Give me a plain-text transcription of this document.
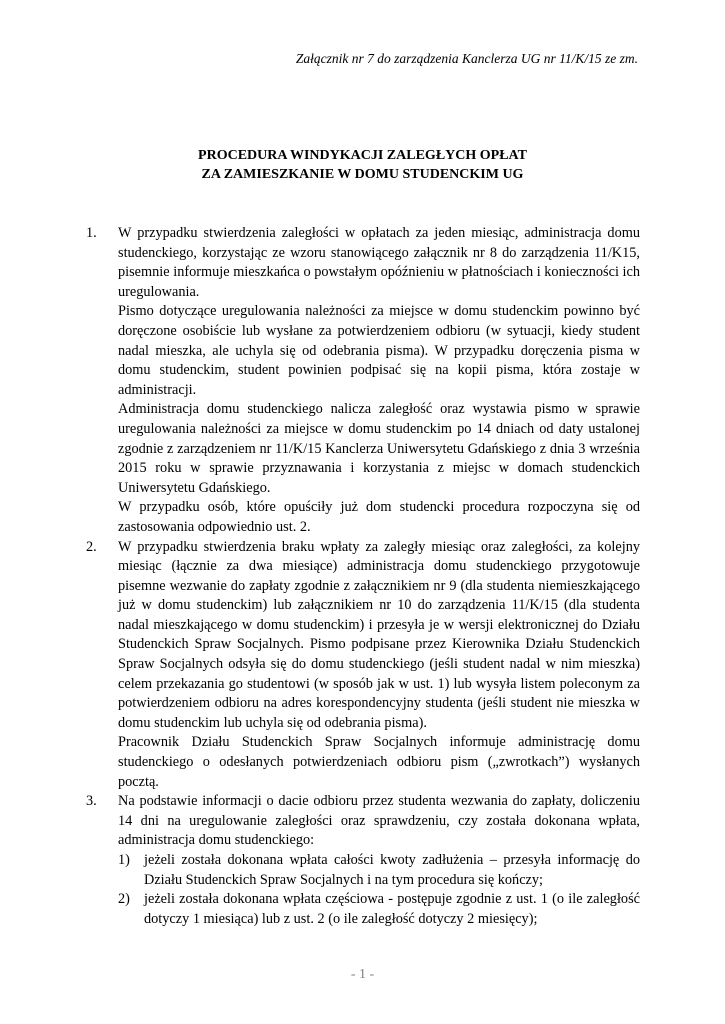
Załącznik nr 7 do zarządzenia Kanclerza UG nr 11/K/15 ze zm.
PROCEDURA WINDYKACJI ZALEGŁYCH OPŁAT
ZA ZAMIESZKANIE W DOMU STUDENCKIM UG
1. W przypadku stwierdzenia zaległości w opłatach za jeden miesiąc, administracja domu studenckiego, korzystając ze wzoru stanowiącego załącznik nr 8 do zarządzenia 11/K15, pisemnie informuje mieszkańca o powstałym opóźnieniu w płatnościach i konieczności ich uregulowania.

Pismo dotyczące uregulowania należności za miejsce w domu studenckim powinno być doręczone osobiście lub wysłane za potwierdzeniem odbioru (w sytuacji, kiedy student nadal mieszka, ale uchyla się od odebrania pisma). W przypadku doręczenia pisma w domu studenckim, student powinien podpisać się na kopii pisma, która zostaje w administracji.

Administracja domu studenckiego nalicza zaległość oraz wystawia pismo w sprawie uregulowania należności za miejsce w domu studenckim po 14 dniach od daty ustalonej zgodnie z zarządzeniem nr 11/K/15 Kanclerza Uniwersytetu Gdańskiego z dnia 3 września 2015 roku w sprawie przyznawania i korzystania z miejsc w domach studenckich Uniwersytetu Gdańskiego.

W przypadku osób, które opuściły już dom studencki procedura rozpoczyna się od zastosowania odpowiednio ust. 2.

2. W przypadku stwierdzenia braku wpłaty za zaległy miesiąc oraz zaległości, za kolejny miesiąc (łącznie za dwa miesiące) administracja domu studenckiego przygotowuje pisemne wezwanie do zapłaty zgodnie z załącznikiem nr 9 (dla studenta niemieszkającego już w domu studenckim) lub załącznikiem nr 10 do zarządzenia 11/K/15 (dla studenta nadal mieszkającego w domu studenckim) i przesyła je w wersji elektronicznej do Działu Studenckich Spraw Socjalnych. Pismo podpisane przez Kierownika Działu Studenckich Spraw Socjalnych odsyła się do domu studenckiego (jeśli student nadal w nim mieszka) celem przekazania go studentowi (w sposób jak w ust. 1) lub wysyła listem poleconym za potwierdzeniem odbioru na adres korespondencyjny studenta (jeśli student nie mieszka w domu studenckim lub uchyla się od odebrania pisma).

Pracownik Działu Studenckich Spraw Socjalnych informuje administrację domu studenckiego o odesłanych potwierdzeniach odbioru pism („zwrotkach”) wysłanych pocztą.

3. Na podstawie informacji o dacie odbioru przez studenta wezwania do zapłaty, doliczeniu 14 dni na uregulowanie zaległości oraz sprawdzeniu, czy została dokonana wpłata, administracja domu studenckiego:

1) jeżeli została dokonana wpłata całości kwoty zadłużenia – przesyła informację do Działu Studenckich Spraw Socjalnych i na tym procedura się kończy;

2) jeżeli została dokonana wpłata częściowa - postępuje zgodnie z ust. 1 (o ile zaległość dotyczy 1 miesiąca) lub z ust. 2 (o ile zaległość dotyczy 2 miesięcy);

- 1 -
